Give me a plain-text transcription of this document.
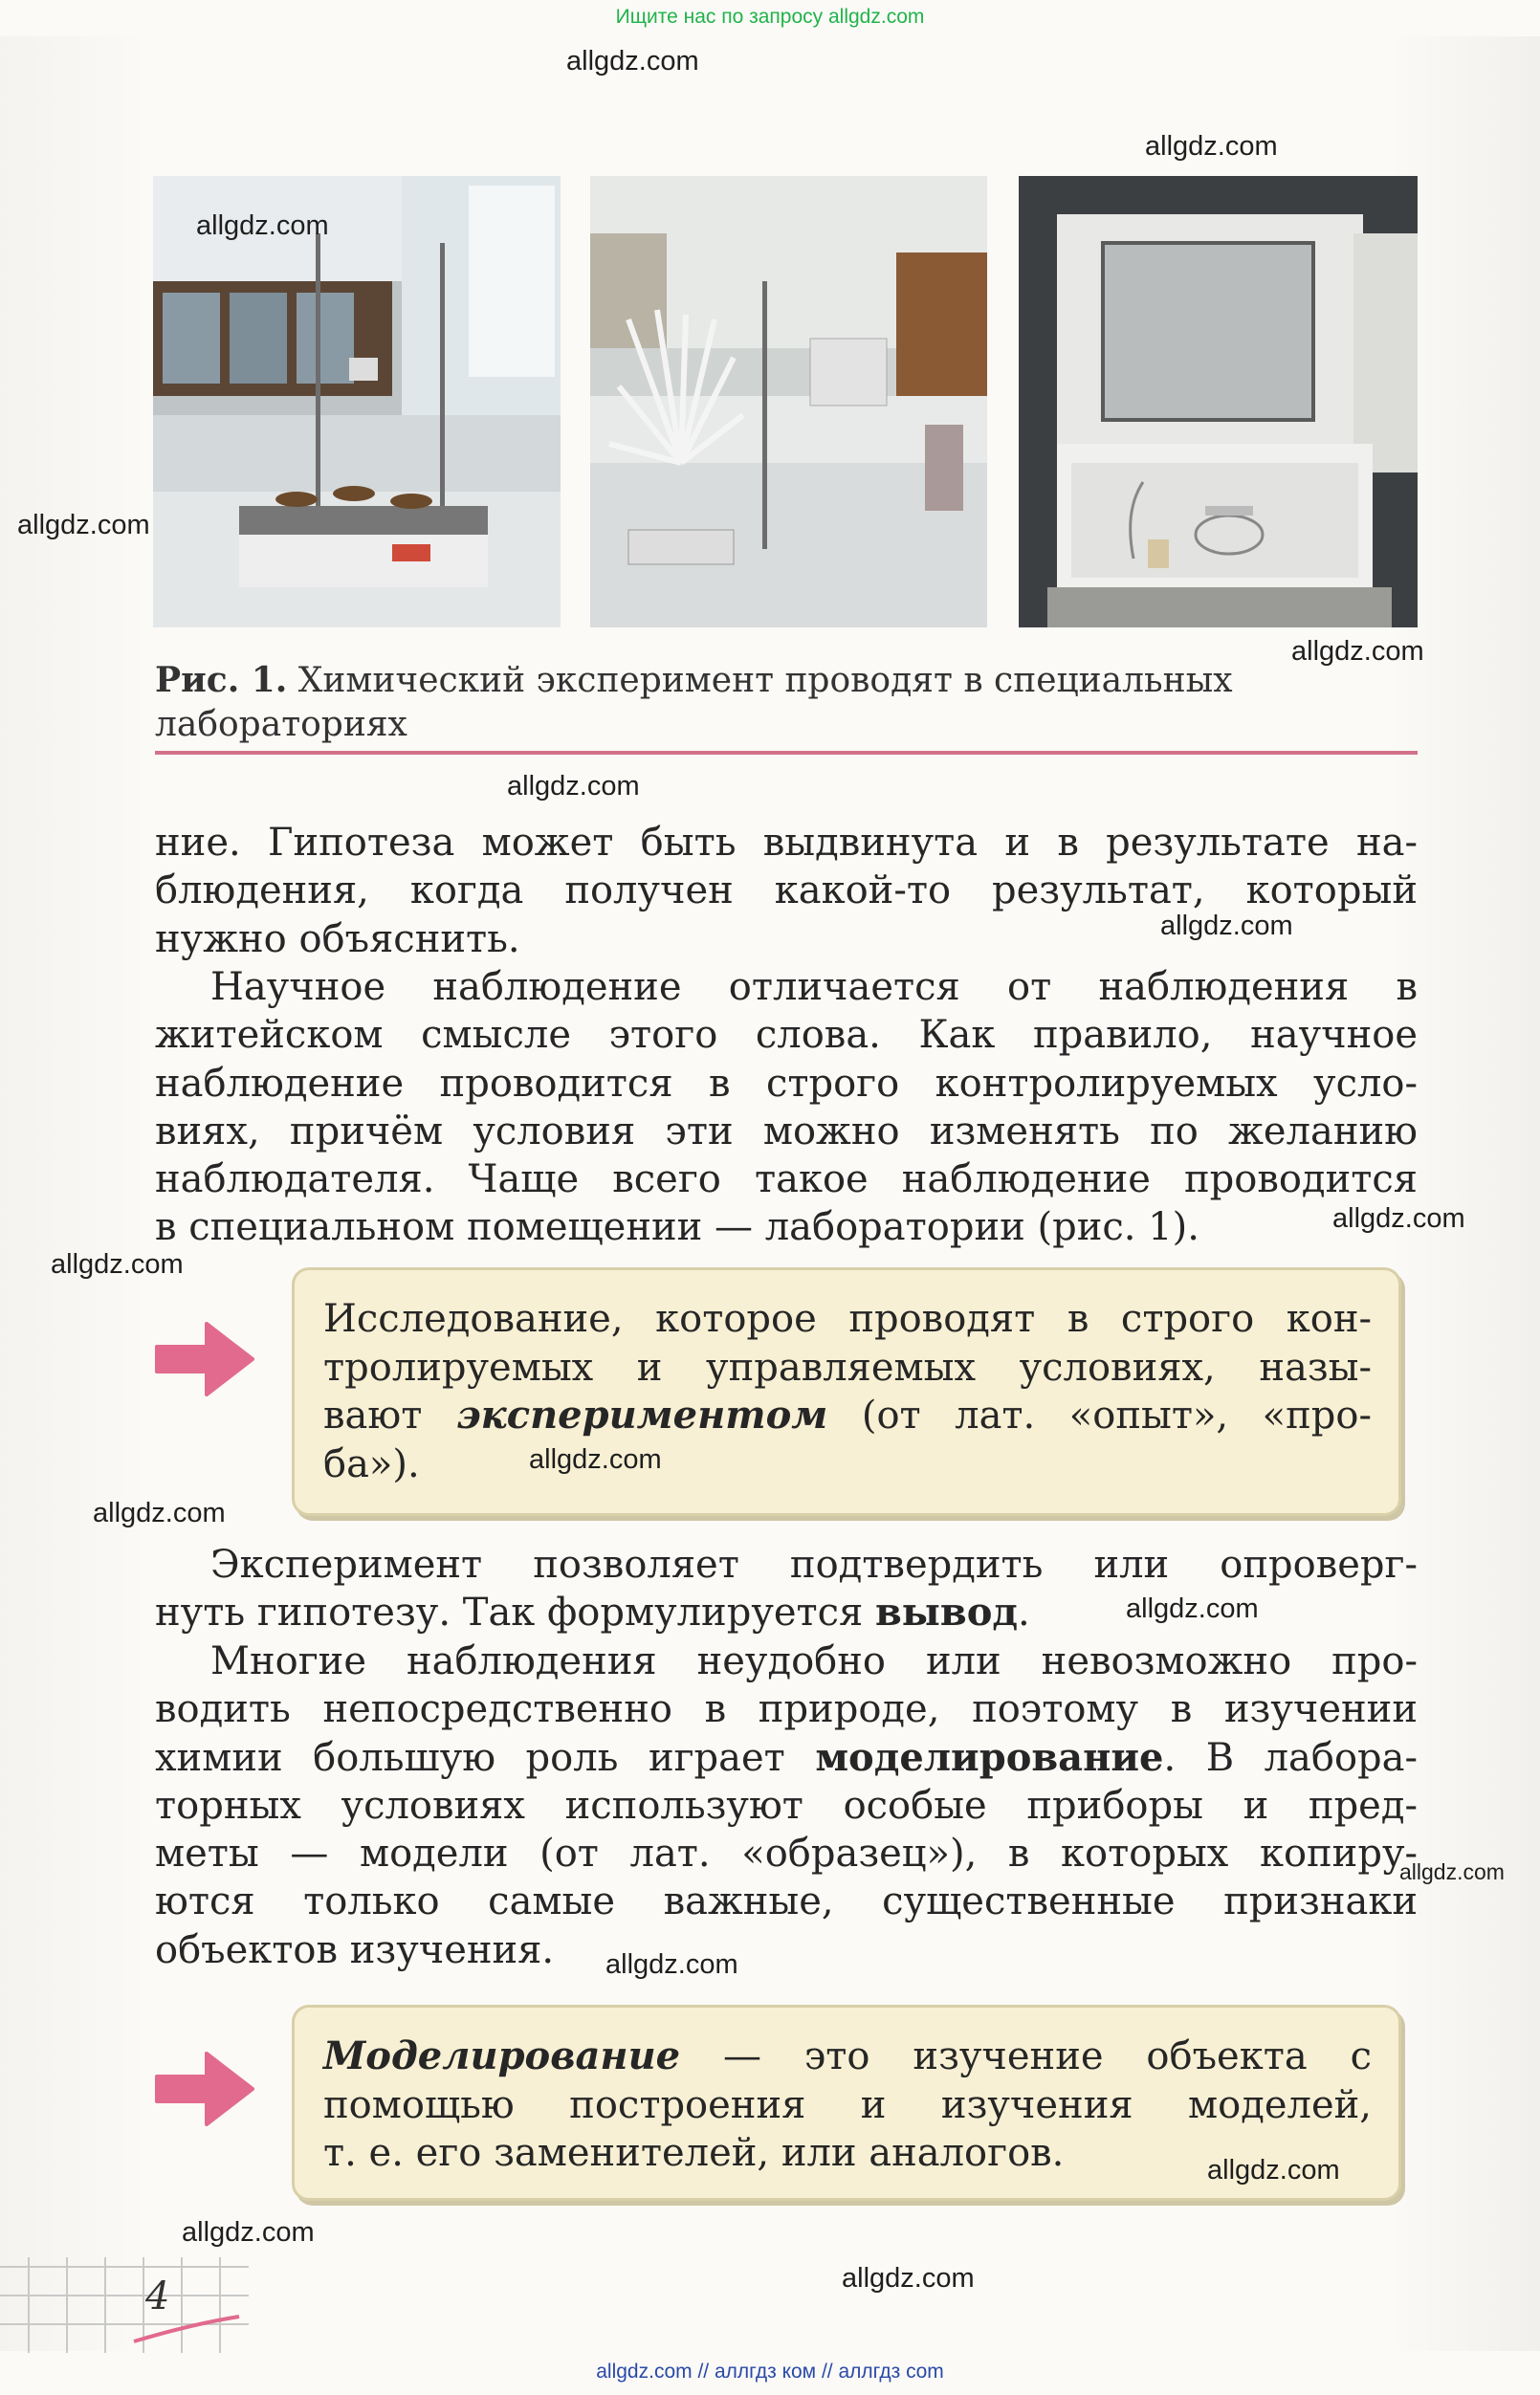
Ищите нас по запросу allgdz.com
Рис. 1. Химический эксперимент проводят в специальных
лабораториях
ние. Гипотеза может быть выдвинута и в результате на-
блюдения, когда получен какой-то результат, который
нужно объяснить.
Научное наблюдение отличается от наблюдения в
житейском смысле этого слова. Как правило, научное
наблюдение проводится в строго контролируемых усло-
виях, причём условия эти можно изменять по желанию
наблюдателя. Чаще всего такое наблюдение проводится
в специальном помещении — лаборатории (рис. 1).
Исследование, которое проводят в строго кон-
тролируемых и управляемых условиях, назы-
вают экспериментом (от лат. «опыт», «про-
ба»).
Эксперимент позволяет подтвердить или опроверг-
нуть гипотезу. Так формулируется вывод.
Многие наблюдения неудобно или невозможно про-
водить непосредственно в природе, поэтому в изучении
химии большую роль играет моделирование. В лабора-
торных условиях используют особые приборы и пред-
меты — модели (от лат. «образец»), в которых копиру-
ются только самые важные, существенные признаки
объектов изучения.
Моделирование — это изучение объекта с
помощью построения и изучения моделей,
т. е. его заменителей, или аналогов.
4
allgdz.com
allgdz.com
allgdz.com
allgdz.com
allgdz.com
allgdz.com
allgdz.com
allgdz.com
allgdz.com
allgdz.com
allgdz.com
allgdz.com
allgdz.com
allgdz.com
allgdz.com
allgdz.com
allgdz.com
allgdz.com // аллгдз ком // аллгдз com
